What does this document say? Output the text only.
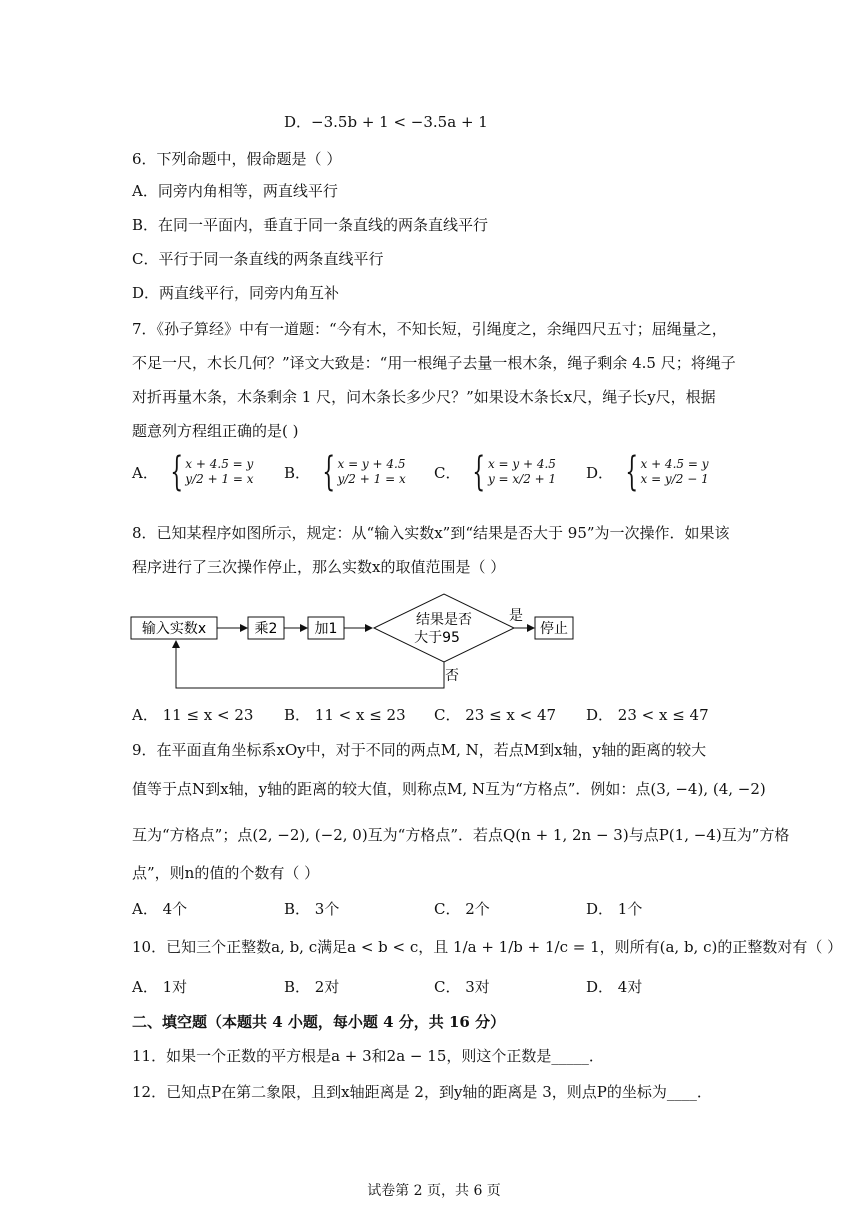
D．−3.5b + 1 < −3.5a + 1
6．下列命题中，假命题是（ ）
A．同旁内角相等，两直线平行
B．在同一平面内，垂直于同一条直线的两条直线平行
C．平行于同一条直线的两条直线平行
D．两直线平行，同旁内角互补
7．《孙子算经》中有一道题：“今有木，不知长短，引绳度之，余绳四尺五寸；屈绳量之，
不足一尺，木长几何？”译文大致是：“用一根绳子去量一根木条，绳子剩余 4.5 尺；将绳子
对折再量木条，木条剩余 1 尺，问木条长多少尺？”如果设木条长x尺，绳子长y尺，根据
题意列方程组正确的是( )
A． { x + 4.5 = y
y/2 + 1 = x B． { x = y + 4.5
y/2 + 1 = x C． { x = y + 4.5
y = x/2 + 1 D． { x + 4.5 = y
x = y/2 − 1
8．已知某程序如图所示，规定：从“输入实数x”到“结果是否大于 95”为一次操作．如果该
程序进行了三次操作停止，那么实数x的取值范围是（ ）
输入实数x	乘2	加1
结果是否
大于95
是
停止
否
A． 11 ≤ x < 23 B． 11 < x ≤ 23 C． 23 ≤ x < 47 D． 23 < x ≤ 47
9．在平面直角坐标系xOy中，对于不同的两点M, N，若点M到x轴，y轴的距离的较大
值等于点N到x轴，y轴的距离的较大值，则称点M, N互为“方格点”．例如：点(3, −4), (4, −2)
互为“方格点”；点(2, −2), (−2, 0)互为“方格点”．若点Q(n + 1, 2n − 3)与点P(1, −4)互为”方格
点”，则n的值的个数有（ ）
A． 4个	B． 3个	C． 2个	D． 1个
10．已知三个正整数a, b, c满足a < b < c，且 1/a + 1/b + 1/c = 1，则所有(a, b, c)的正整数对有（ ）
A． 1对	B． 2对	C． 3对	D． 4对
二、填空题（本题共 4 小题，每小题 4 分，共 16 分）
11．如果一个正数的平方根是a + 3和2a − 15，则这个正数是_____．
12．已知点P在第二象限，且到x轴距离是 2，到y轴的距离是 3，则点P的坐标为____．
试卷第 2 页，共 6 页
